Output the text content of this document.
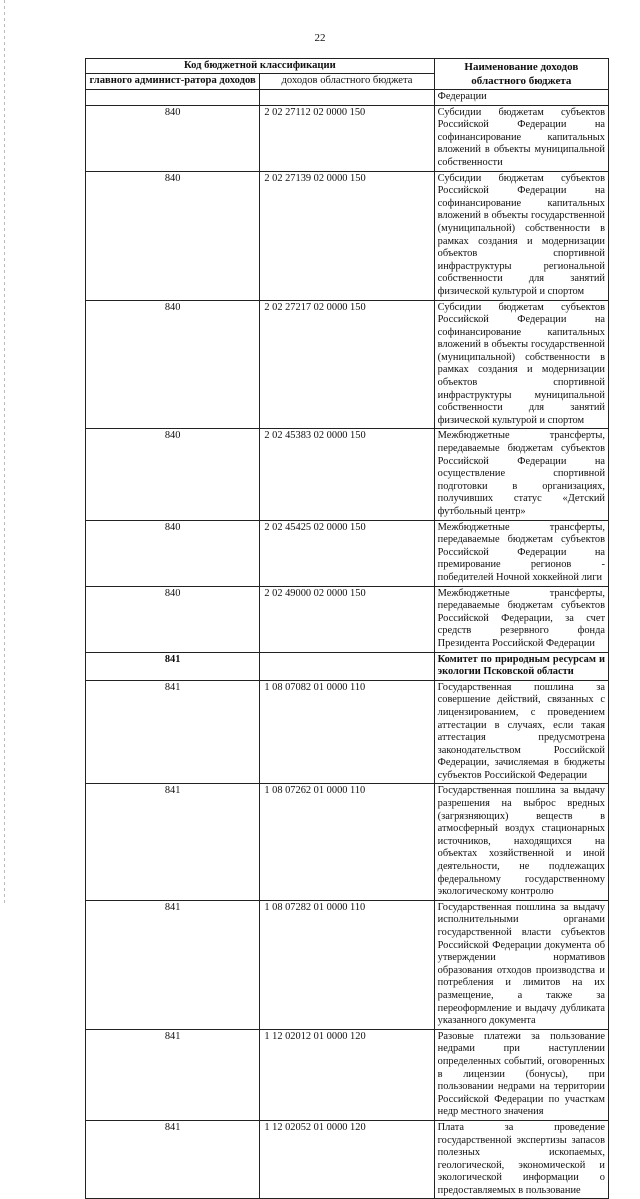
22
Код бюджетной классификации		Наименование доходов областного бюджета
главного админист-ратора доходов	доходов областного бюджета	
		Федерации
840	2 02 27112 02 0000 150	Субсидии бюджетам субъектов Российской Федерации на софинансирование капитальных вложений в объекты муниципальной собственности
840	2 02 27139 02 0000 150	Субсидии бюджетам субъектов Российской Федерации на софинансирование капитальных вложений в объекты государственной (муниципальной) собственности в рамках создания и модернизации объектов спортивной инфраструктуры региональной собственности для занятий физической культурой и спортом
840	2 02 27217 02 0000 150	Субсидии бюджетам субъектов Российской Федерации на софинансирование капитальных вложений в объекты государственной (муниципальной) собственности в рамках создания и модернизации объектов спортивной инфраструктуры муниципальной собственности для занятий физической культурой и спортом
840	2 02 45383 02 0000 150	Межбюджетные трансферты, передаваемые бюджетам субъектов Российской Федерации на осуществление спортивной подготовки в организациях, получивших статус «Детский футбольный центр»
840	2 02 45425 02 0000 150	Межбюджетные трансферты, передаваемые бюджетам субъектов Российской Федерации на премирование регионов - победителей Ночной хоккейной лиги
840	2 02 49000 02 0000 150	Межбюджетные трансферты, передаваемые бюджетам субъектов Российской Федерации, за счет средств резервного фонда Президента Российской Федерации
841		Комитет по природным ресурсам и экологии Псковской области
841	1 08 07082 01 0000 110	Государственная пошлина за совершение действий, связанных с лицензированием, с проведением аттестации в случаях, если такая аттестация предусмотрена законодательством Российской Федерации, зачисляемая в бюджеты субъектов Российской Федерации
841	1 08 07262 01 0000 110	Государственная пошлина за выдачу разрешения на выброс вредных (загрязняющих) веществ в атмосферный воздух стационарных источников, находящихся на объектах хозяйственной и иной деятельности, не подлежащих федеральному государственному экологическому контролю
841	1 08 07282 01 0000 110	Государственная пошлина за выдачу исполнительными органами государственной власти субъектов Российской Федерации документа об утверждении нормативов образования отходов производства и потребления и лимитов на их размещение, а также за переоформление и выдачу дубликата указанного документа
841	1 12 02012 01 0000 120	Разовые платежи за пользование недрами при наступлении определенных событий, оговоренных в лицензии (бонусы), при пользовании недрами на территории Российской Федерации по участкам недр местного значения
841	1 12 02052 01 0000 120	Плата за проведение государственной экспертизы запасов полезных ископаемых, геологической, экономической и экологической информации о предоставляемых в пользование
